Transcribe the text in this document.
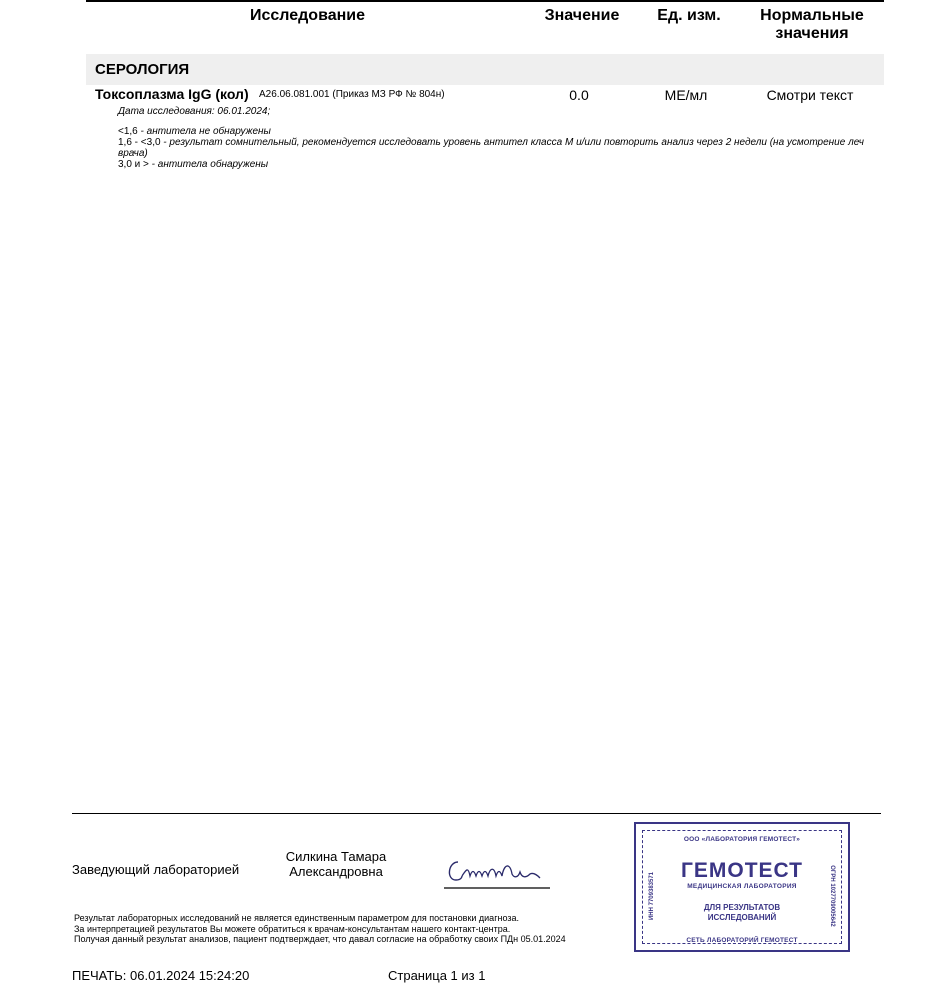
Исследование	Значение	Ед. изм.	Нормальные значения
СЕРОЛОГИЯ
Токсоплазма IgG (кол) A26.06.081.001 (Приказ МЗ РФ № 804н)	0.0	МЕ/мл	Смотри текст
Дата исследования: 06.01.2024;
<1,6 - антитела не обнаружены
1,6 - <3,0 - результат сомнительный, рекомендуется исследовать уровень антител класса М и/или повторить анализ через 2 недели (на усмотрение леч врача)
3,0 и > - антитела обнаружены
Заведующий лабораторией
Силкина Тамара Александровна
Результат лабораторных исследований не является единственным параметром для постановки диагноза.
За интерпретацией результатов Вы можете обратиться к врачам-консультантам нашего контакт-центра.
Получая данный результат анализов, пациент подтверждает, что давал согласие на обработку своих ПДн 05.01.2024
ПЕЧАТЬ: 06.01.2024 15:24:20	Страница 1 из 1
ООО «ЛАБОРАТОРИЯ ГЕМОТЕСТ»
ГЕМОТЕСТ
МЕДИЦИНСКАЯ ЛАБОРАТОРИЯ
ДЛЯ РЕЗУЛЬТАТОВ
ИССЛЕДОВАНИЙ
СЕТЬ ЛАБОРАТОРИЙ ГЕМОТЕСТ
ИНН 7709383571	ОГРН 1027709005642
